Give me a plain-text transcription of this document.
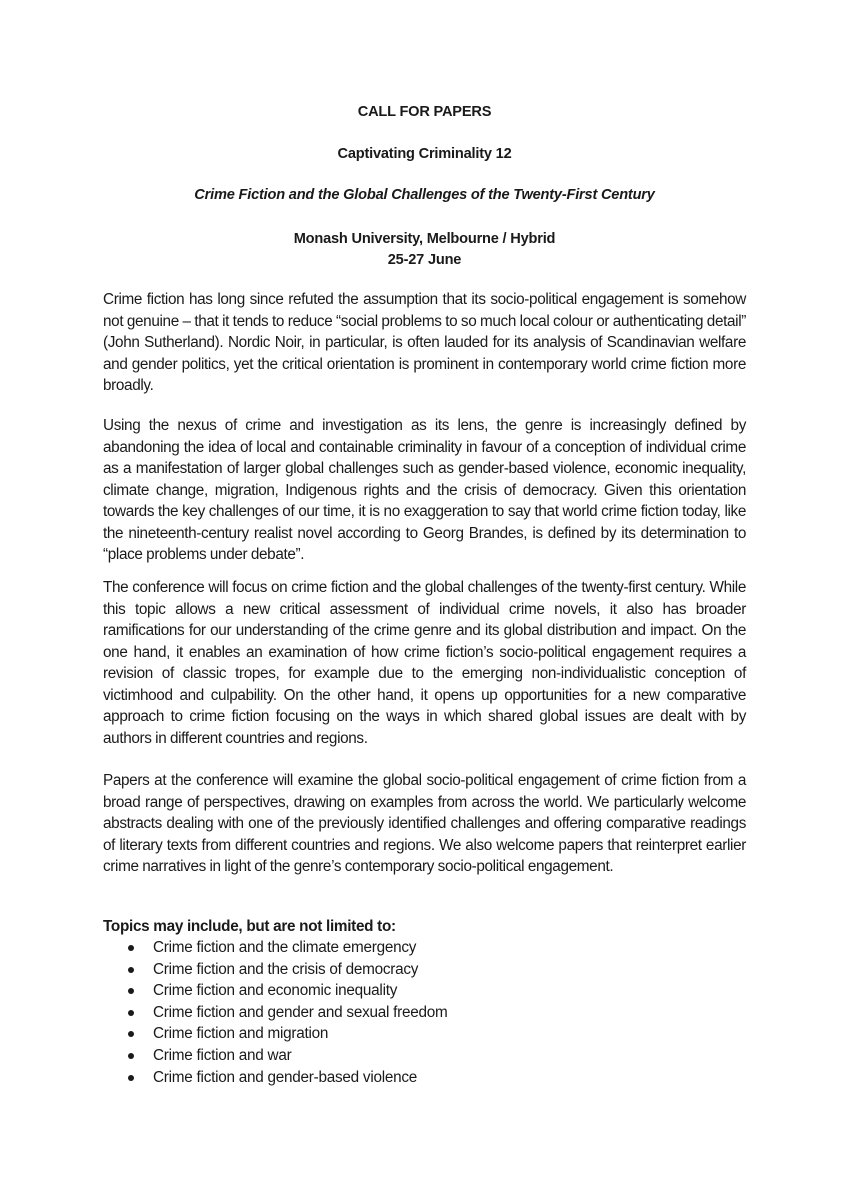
CALL FOR PAPERS

Captivating Criminality 12

Crime Fiction and the Global Challenges of the Twenty-First Century

Monash University, Melbourne / Hybrid

25-27 June

Crime fiction has long since refuted the assumption that its socio-political engagement is somehow not genuine – that it tends to reduce “social problems to so much local colour or authenticating detail” (John Sutherland). Nordic Noir, in particular, is often lauded for its analysis of Scandinavian welfare and gender politics, yet the critical orientation is prominent in contemporary world crime fiction more broadly.

Using the nexus of crime and investigation as its lens, the genre is increasingly defined by abandoning the idea of local and containable criminality in favour of a conception of individual crime as a manifestation of larger global challenges such as gender-based violence, economic inequality, climate change, migration, Indigenous rights and the crisis of democracy. Given this orientation towards the key challenges of our time, it is no exaggeration to say that world crime fiction today, like the nineteenth-century realist novel according to Georg Brandes, is defined by its determination to “place problems under debate”.

The conference will focus on crime fiction and the global challenges of the twenty-first century. While this topic allows a new critical assessment of individual crime novels, it also has broader ramifications for our understanding of the crime genre and its global distribution and impact. On the one hand, it enables an examination of how crime fiction’s socio-political engagement requires a revision of classic tropes, for example due to the emerging non-individualistic conception of victimhood and culpability. On the other hand, it opens up opportunities for a new comparative approach to crime fiction focusing on the ways in which shared global issues are dealt with by authors in different countries and regions.

Papers at the conference will examine the global socio-political engagement of crime fiction from a broad range of perspectives, drawing on examples from across the world. We particularly welcome abstracts dealing with one of the previously identified challenges and offering comparative readings of literary texts from different countries and regions. We also welcome papers that reinterpret earlier crime narratives in light of the genre’s contemporary socio-political engagement.

Topics may include, but are not limited to:

Crime fiction and the climate emergency
Crime fiction and the crisis of democracy
Crime fiction and economic inequality
Crime fiction and gender and sexual freedom
Crime fiction and migration
Crime fiction and war
Crime fiction and gender-based violence
